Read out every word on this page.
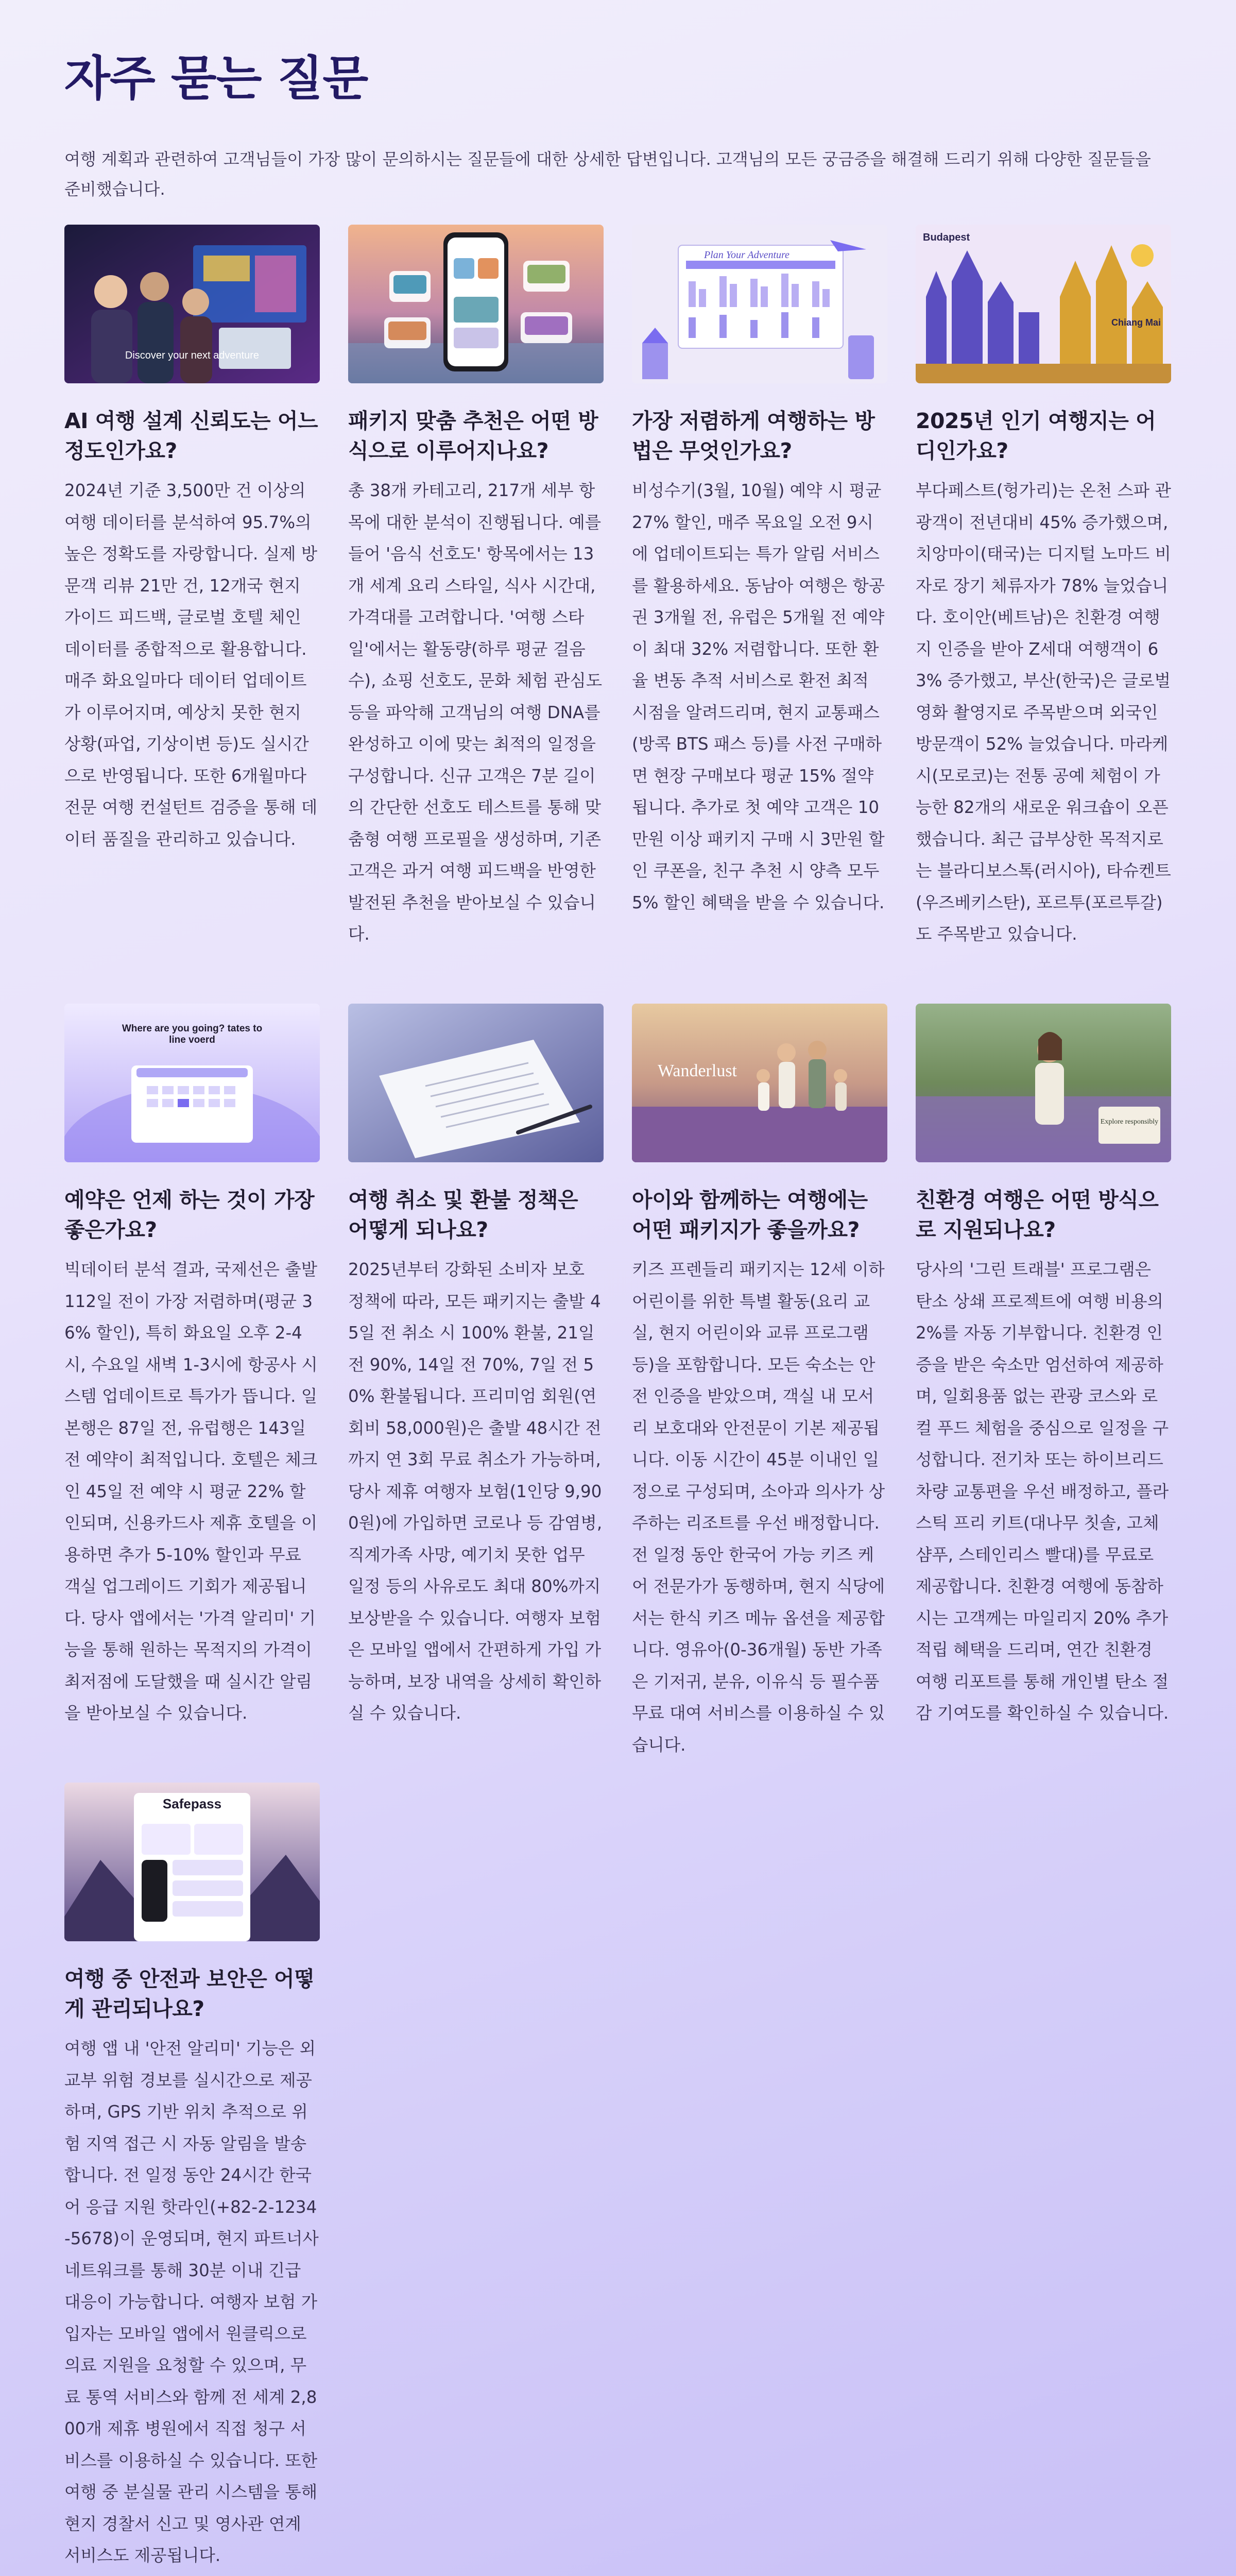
자주 묻는 질문

여행 계획과 관련하여 고객님들이 가장 많이 문의하시는 질문들에 대한 상세한 답변입니다. 고객님의 모든 궁금증을 해결해 드리기 위해 다양한 질문들을 준비했습니다.

Discover your next adventure
AI 여행 설계 신뢰도는 어느 정도인가요?

2024년 기준 3,500만 건 이상의 여행 데이터를 분석하여 95.7%의 높은 정확도를 자랑합니다. 실제 방문객 리뷰 21만 건, 12개국 현지 가이드 피드백, 글로벌 호텔 체인 데이터를 종합적으로 활용합니다. 매주 화요일마다 데이터 업데이트가 이루어지며, 예상치 못한 현지 상황(파업, 기상이변 등)도 실시간으로 반영됩니다. 또한 6개월마다 전문 여행 컨설턴트 검증을 통해 데이터 품질을 관리하고 있습니다.

패키지 맞춤 추천은 어떤 방식으로 이루어지나요?

총 38개 카테고리, 217개 세부 항목에 대한 분석이 진행됩니다. 예를 들어 '음식 선호도' 항목에서는 13개 세계 요리 스타일, 식사 시간대, 가격대를 고려합니다. '여행 스타일'에서는 활동량(하루 평균 걸음 수), 쇼핑 선호도, 문화 체험 관심도 등을 파악해 고객님의 여행 DNA를 완성하고 이에 맞는 최적의 일정을 구성합니다. 신규 고객은 7분 길이의 간단한 선호도 테스트를 통해 맞춤형 여행 프로필을 생성하며, 기존 고객은 과거 여행 피드백을 반영한 발전된 추천을 받아보실 수 있습니다.

Plan Your Adventure
가장 저렴하게 여행하는 방법은 무엇인가요?

비성수기(3월, 10월) 예약 시 평균 27% 할인, 매주 목요일 오전 9시에 업데이트되는 특가 알림 서비스를 활용하세요. 동남아 여행은 항공권 3개월 전, 유럽은 5개월 전 예약이 최대 32% 저렴합니다. 또한 환율 변동 추적 서비스로 환전 최적 시점을 알려드리며, 현지 교통패스(방콕 BTS 패스 등)를 사전 구매하면 현장 구매보다 평균 15% 절약됩니다. 추가로 첫 예약 고객은 10만원 이상 패키지 구매 시 3만원 할인 쿠폰을, 친구 추천 시 양측 모두 5% 할인 혜택을 받을 수 있습니다.

Budapest
Chiang Mai
2025년 인기 여행지는 어디인가요?

부다페스트(헝가리)는 온천 스파 관광객이 전년대비 45% 증가했으며, 치앙마이(태국)는 디지털 노마드 비자로 장기 체류자가 78% 늘었습니다. 호이안(베트남)은 친환경 여행지 인증을 받아 Z세대 여행객이 63% 증가했고, 부산(한국)은 글로벌 영화 촬영지로 주목받으며 외국인 방문객이 52% 늘었습니다. 마라케시(모로코)는 전통 공예 체험이 가능한 82개의 새로운 워크숍이 오픈했습니다. 최근 급부상한 목적지로는 블라디보스톡(러시아), 타슈켄트(우즈베키스탄), 포르투(포르투갈)도 주목받고 있습니다.

Where are you going? tates to line voerd
예약은 언제 하는 것이 가장 좋은가요?

빅데이터 분석 결과, 국제선은 출발 112일 전이 가장 저렴하며(평균 36% 할인), 특히 화요일 오후 2-4시, 수요일 새벽 1-3시에 항공사 시스템 업데이트로 특가가 뜹니다. 일본행은 87일 전, 유럽행은 143일 전 예약이 최적입니다. 호텔은 체크인 45일 전 예약 시 평균 22% 할인되며, 신용카드사 제휴 호텔을 이용하면 추가 5-10% 할인과 무료 객실 업그레이드 기회가 제공됩니다. 당사 앱에서는 '가격 알리미' 기능을 통해 원하는 목적지의 가격이 최저점에 도달했을 때 실시간 알림을 받아보실 수 있습니다.

여행 취소 및 환불 정책은 어떻게 되나요?

2025년부터 강화된 소비자 보호 정책에 따라, 모든 패키지는 출발 45일 전 취소 시 100% 환불, 21일 전 90%, 14일 전 70%, 7일 전 50% 환불됩니다. 프리미엄 회원(연회비 58,000원)은 출발 48시간 전까지 연 3회 무료 취소가 가능하며, 당사 제휴 여행자 보험(1인당 9,900원)에 가입하면 코로나 등 감염병, 직계가족 사망, 예기치 못한 업무 일정 등의 사유로도 최대 80%까지 보상받을 수 있습니다. 여행자 보험은 모바일 앱에서 간편하게 가입 가능하며, 보장 내역을 상세히 확인하실 수 있습니다.

Wanderlust
아이와 함께하는 여행에는 어떤 패키지가 좋을까요?

키즈 프렌들리 패키지는 12세 이하 어린이를 위한 특별 활동(요리 교실, 현지 어린이와 교류 프로그램 등)을 포함합니다. 모든 숙소는 안전 인증을 받았으며, 객실 내 모서리 보호대와 안전문이 기본 제공됩니다. 이동 시간이 45분 이내인 일정으로 구성되며, 소아과 의사가 상주하는 리조트를 우선 배정합니다. 전 일정 동안 한국어 가능 키즈 케어 전문가가 동행하며, 현지 식당에서는 한식 키즈 메뉴 옵션을 제공합니다. 영유아(0-36개월) 동반 가족은 기저귀, 분유, 이유식 등 필수품 무료 대여 서비스를 이용하실 수 있습니다.

Explore responsibly
친환경 여행은 어떤 방식으로 지원되나요?

당사의 '그린 트래블' 프로그램은 탄소 상쇄 프로젝트에 여행 비용의 2%를 자동 기부합니다. 친환경 인증을 받은 숙소만 엄선하여 제공하며, 일회용품 없는 관광 코스와 로컬 푸드 체험을 중심으로 일정을 구성합니다. 전기차 또는 하이브리드 차량 교통편을 우선 배정하고, 플라스틱 프리 키트(대나무 칫솔, 고체 샴푸, 스테인리스 빨대)를 무료로 제공합니다. 친환경 여행에 동참하시는 고객께는 마일리지 20% 추가 적립 혜택을 드리며, 연간 친환경 여행 리포트를 통해 개인별 탄소 절감 기여도를 확인하실 수 있습니다.

Safepass
여행 중 안전과 보안은 어떻게 관리되나요?

여행 앱 내 '안전 알리미' 기능은 외교부 위험 경보를 실시간으로 제공하며, GPS 기반 위치 추적으로 위험 지역 접근 시 자동 알림을 발송합니다. 전 일정 동안 24시간 한국어 응급 지원 핫라인(+82-2-1234-5678)이 운영되며, 현지 파트너사 네트워크를 통해 30분 이내 긴급 대응이 가능합니다. 여행자 보험 가입자는 모바일 앱에서 원클릭으로 의료 지원을 요청할 수 있으며, 무료 통역 서비스와 함께 전 세계 2,800개 제휴 병원에서 직접 청구 서비스를 이용하실 수 있습니다. 또한 여행 중 분실물 관리 시스템을 통해 현지 경찰서 신고 및 영사관 연계 서비스도 제공됩니다.
